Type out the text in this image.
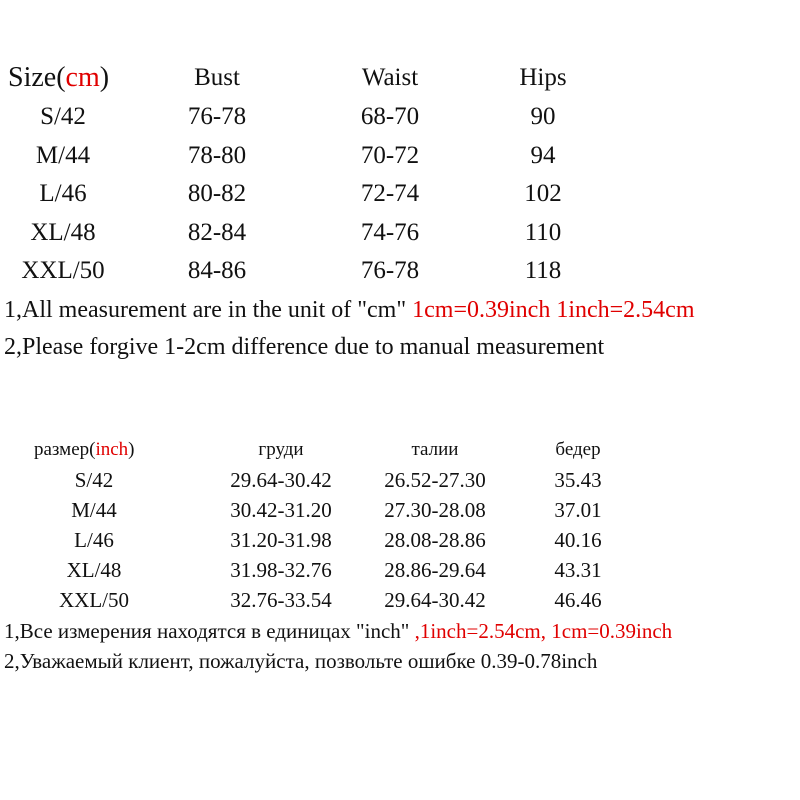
Size(cm)	Bust	Waist	Hips
S/42	76-78	68-70	90
M/44	78-80	70-72	94
L/46	80-82	72-74	102
XL/48	82-84	74-76	110
XXL/50	84-86	76-78	118
1,All measurement are in the unit of "cm" 1cm=0.39inch 1inch=2.54cm
2,Please forgive 1-2cm difference due to manual measurement
размер(inch)	груди	талии	бедер
S/42	29.64-30.42	26.52-27.30	35.43
M/44	30.42-31.20	27.30-28.08	37.01
L/46	31.20-31.98	28.08-28.86	40.16
XL/48	31.98-32.76	28.86-29.64	43.31
XXL/50	32.76-33.54	29.64-30.42	46.46
1,Все измерения находятся в единицах "inch" ,1inch=2.54cm, 1cm=0.39inch
2,Уважаемый клиент, пожалуйста, позвольте ошибке 0.39-0.78inch
